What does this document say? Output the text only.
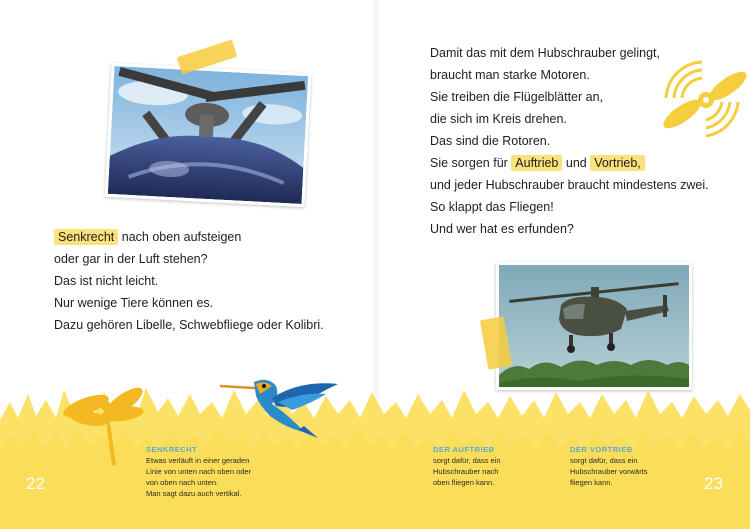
Senkrecht nach oben aufsteigen

oder gar in der Luft stehen?

Das ist nicht leicht.

Nur wenige Tiere können es.

Dazu gehören Libelle, Schwebfliege oder Kolibri.

Damit das mit dem Hubschrauber gelingt,

braucht man starke Motoren.

Sie treiben die Flügelblätter an,

die sich im Kreis drehen.

Das sind die Rotoren.

Sie sorgen für Auftrieb und Vortrieb,

und jeder Hubschrauber braucht mindestens zwei.

So klappt das Fliegen!

Und wer hat es erfunden?

SENKRECHT

Etwas verläuft in einer geraden

Linie von unten nach oben oder

von oben nach unten.

Man sagt dazu auch vertikal.

DER AUFTRIEB

sorgt dafür, dass ein

Hubschrauber nach

oben fliegen kann.

DER VORTRIEB

sorgt dafür, dass ein

Hubschrauber vorwärts

fliegen kann.

22	23
